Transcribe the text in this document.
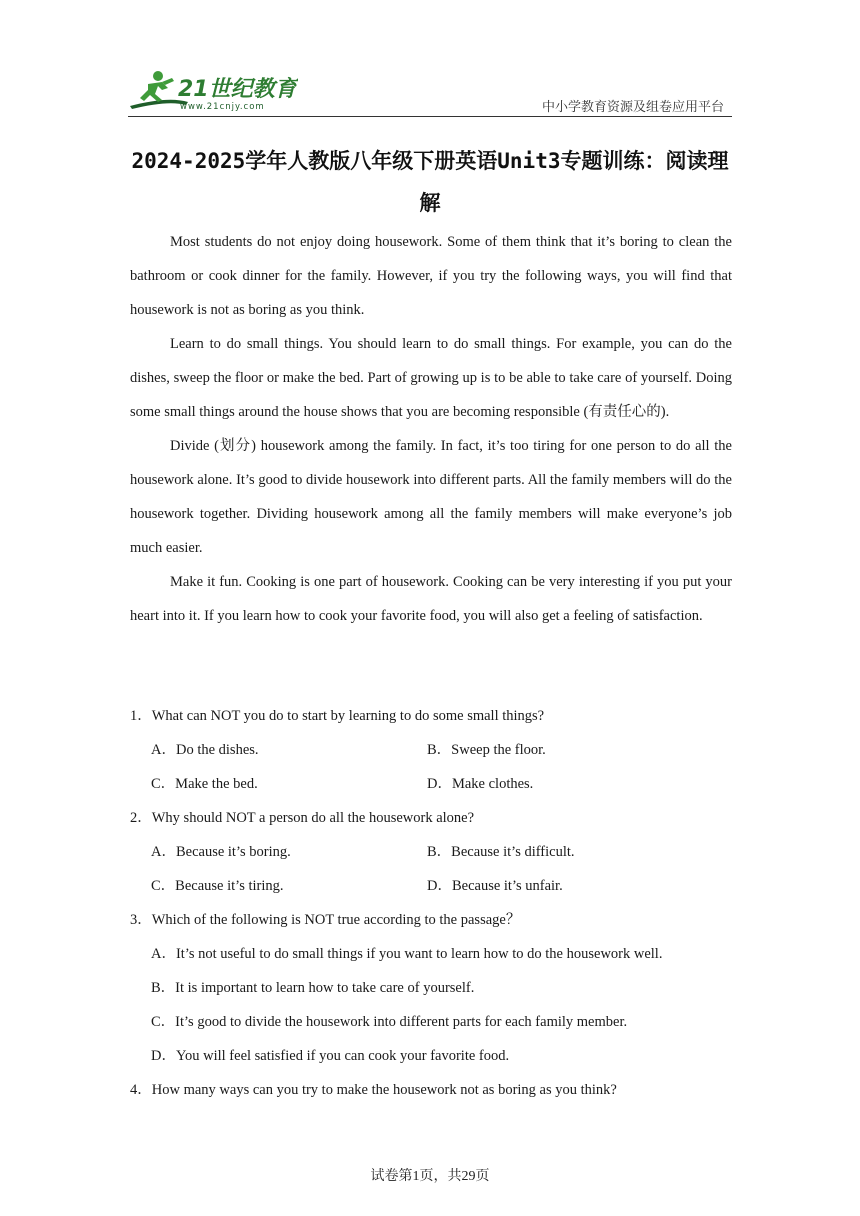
21世纪教育
www.21cnjy.com	中小学教育资源及组卷应用平台
2024-2025学年人教版八年级下册英语Unit3专题训练：阅读理解

Most students do not enjoy doing housework. Some of them think that it’s boring to clean the bathroom or cook dinner for the family. However, if you try the following ways, you will find that housework is not as boring as you think.

Learn to do small things. You should learn to do small things. For example, you can do the dishes, sweep the floor or make the bed. Part of growing up is to be able to take care of yourself. Doing some small things around the house shows that you are becoming responsible (有责任心的).

Divide (划分) housework among the family. In fact, it’s too tiring for one person to do all the housework alone. It’s good to divide housework into different parts. All the family members will do the housework together. Dividing housework among all the family members will make everyone’s job much easier.

Make it fun. Cooking is one part of housework. Cooking can be very interesting if you put your heart into it. If you learn how to cook your favorite food, you will also get a feeling of satisfaction.

1．What can NOT you do to start by learning to do some small things?

A．Do the dishes.	B．Sweep the floor.
C．Make the bed.	D．Make clothes.

2．Why should NOT a person do all the housework alone?

A．Because it’s boring.	B．Because it’s difficult.
C．Because it’s tiring.	D．Because it’s unfair.

3．Which of the following is NOT true according to the passage？

A．It’s not useful to do small things if you want to learn how to do the housework well.

B．It is important to learn how to take care of yourself.

C．It’s good to divide the housework into different parts for each family member.

D．You will feel satisfied if you can cook your favorite food.

4．How many ways can you try to make the housework not as boring as you think?

试卷第1页，共29页
